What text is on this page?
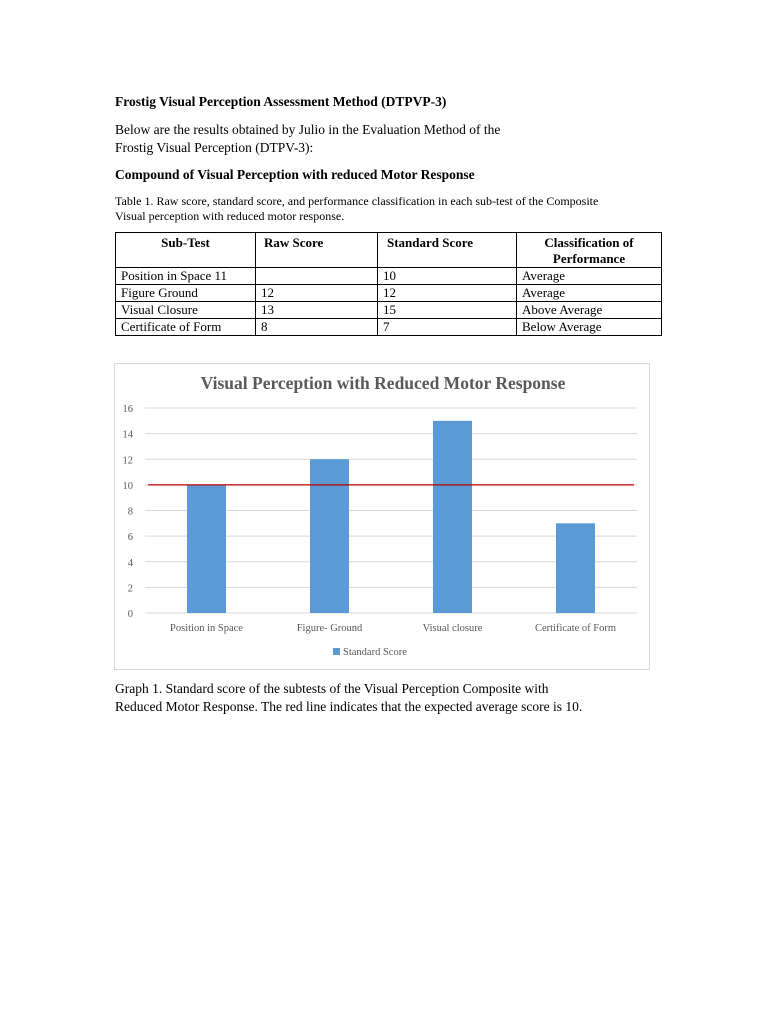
Frostig Visual Perception Assessment Method (DTPVP-3)
Below are the results obtained by Julio in the Evaluation Method of the
Frostig Visual Perception (DTPV-3):
Compound of Visual Perception with reduced Motor Response
Table 1. Raw score, standard score, and performance classification in each sub-test of the Composite
Visual perception with reduced motor response.
Sub-Test	Raw Score	Standard Score	Classification of
Performance

Position in Space 11		10	Average
Figure Ground	12	12	Average
Visual Closure	13	15	Above Average
Certificate of Form	8	7	Below Average
Visual Perception with Reduced Motor Response
0
2
4
6
8
10
12
14
16
Position in Space	Figure- Ground	Visual closure	Certificate of Form
Standard Score
Graph 1. Standard score of the subtests of the Visual Perception Composite with
Reduced Motor Response. The red line indicates that the expected average score is 10.
